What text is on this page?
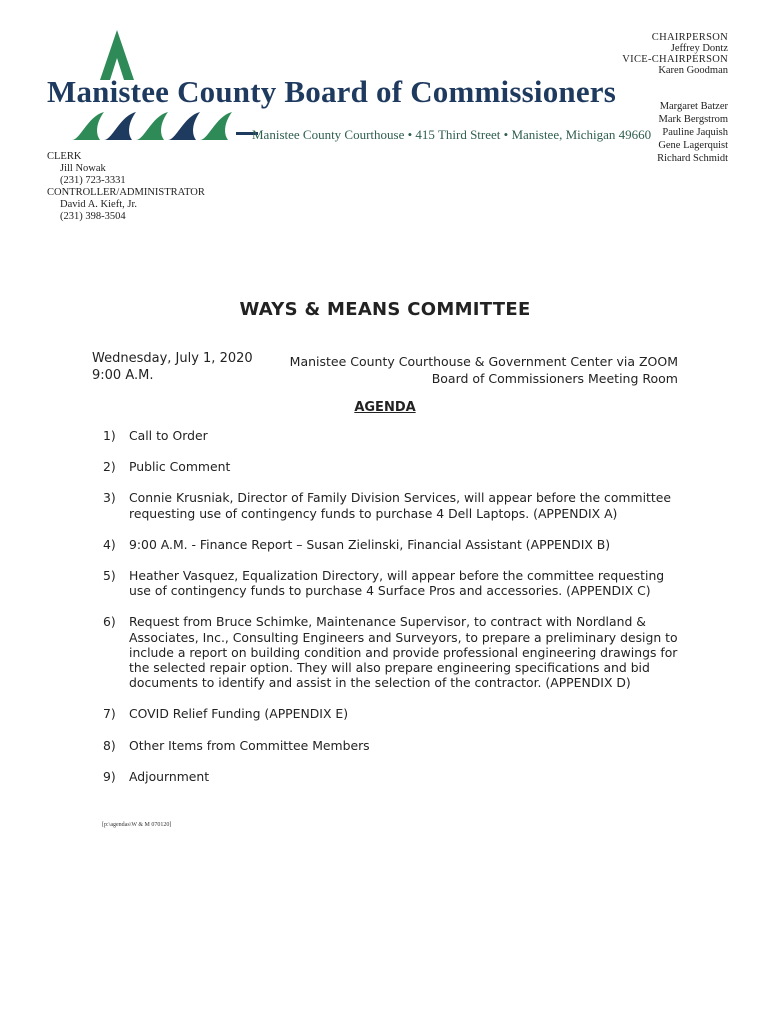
Manistee County Board of Commissioners
Manistee County Courthouse • 415 Third Street • Manistee, Michigan 49660
CHAIRPERSON
Jeffrey Dontz
VICE-CHAIRPERSON
Karen Goodman
Margaret Batzer
Mark Bergstrom
Pauline Jaquish
Gene Lagerquist
Richard Schmidt
CLERK
Jill Nowak
(231) 723-3331
CONTROLLER/ADMINISTRATOR
David A. Kieft, Jr.
(231) 398-3504
WAYS & MEANS COMMITTEE
Wednesday, July 1, 2020
9:00 A.M.
Manistee County Courthouse & Government Center via ZOOM
Board of Commissioners Meeting Room
AGENDA
1)	Call to Order
2)	Public Comment
3)	Connie Krusniak, Director of Family Division Services, will appear before the committee requesting use of contingency funds to purchase 4 Dell Laptops. (APPENDIX A)
4)	9:00 A.M. - Finance Report – Susan Zielinski, Financial Assistant (APPENDIX B)
5)	Heather Vasquez, Equalization Directory, will appear before the committee requesting use of contingency funds to purchase 4 Surface Pros and accessories. (APPENDIX C)
6)	Request from Bruce Schimke, Maintenance Supervisor, to contract with Nordland & Associates, Inc., Consulting Engineers and Surveyors, to prepare a preliminary design to include a report on building condition and provide professional engineering drawings for the selected repair option. They will also prepare engineering specifications and bid documents to identify and assist in the selection of the contractor. (APPENDIX D)
7)	COVID Relief Funding (APPENDIX E)
8)	Other Items from Committee Members
9)	Adjournment
[p:\agendas\W & M 070120]
